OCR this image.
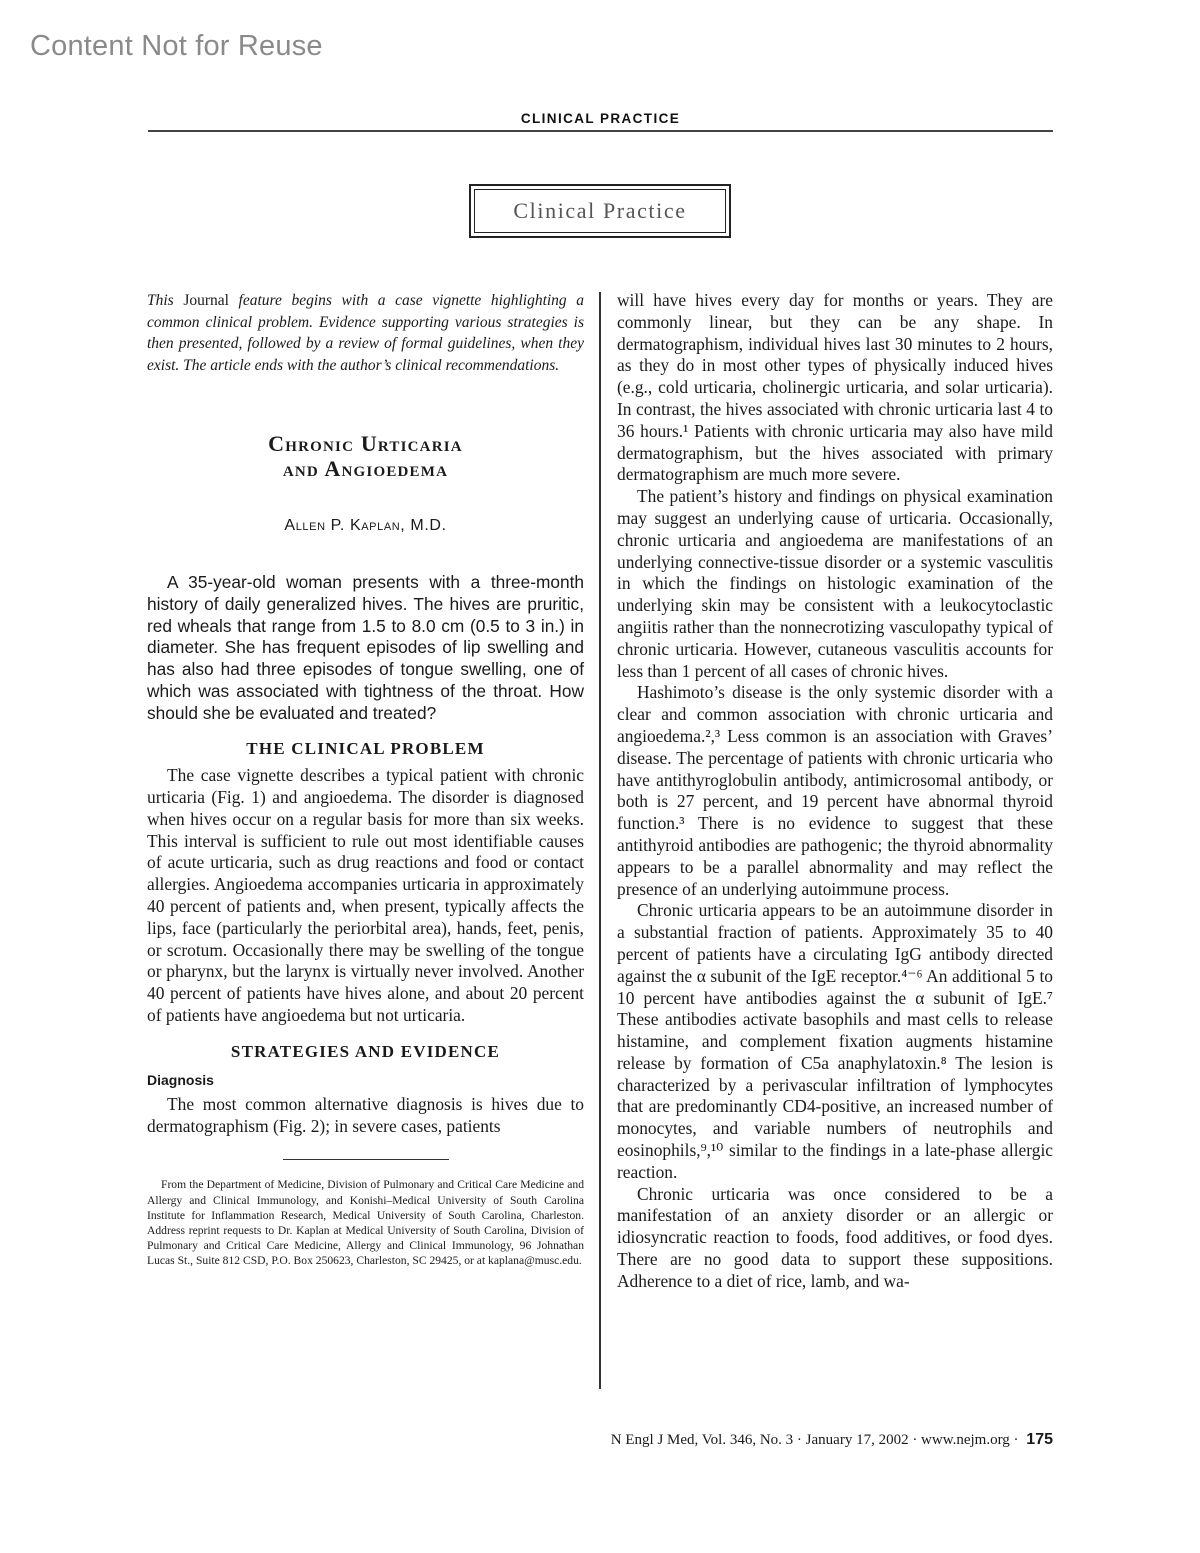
Content Not for Reuse
CLINICAL PRACTICE
Clinical Practice

This Journal feature begins with a case vignette highlighting a common clinical problem. Evidence supporting various strategies is then presented, followed by a review of formal guidelines, when they exist. The article ends with the author’s clinical recommendations.

Chronic Urticaria
and Angioedema
Allen P. Kaplan, M.D.

A 35-year-old woman presents with a three-month history of daily generalized hives. The hives are pruritic, red wheals that range from 1.5 to 8.0 cm (0.5 to 3 in.) in diameter. She has frequent episodes of lip swelling and has also had three episodes of tongue swelling, one of which was associated with tightness of the throat. How should she be evaluated and treated?

THE CLINICAL PROBLEM

The case vignette describes a typical patient with chronic urticaria (Fig. 1) and angioedema. The disorder is diagnosed when hives occur on a regular basis for more than six weeks. This interval is sufficient to rule out most identifiable causes of acute urticaria, such as drug reactions and food or contact allergies. Angioedema accompanies urticaria in approximately 40 percent of patients and, when present, typically affects the lips, face (particularly the periorbital area), hands, feet, penis, or scrotum. Occasionally there may be swelling of the tongue or pharynx, but the larynx is virtually never involved. Another 40 percent of patients have hives alone, and about 20 percent of patients have angioedema but not urticaria.

STRATEGIES AND EVIDENCE
Diagnosis

The most common alternative diagnosis is hives due to dermatographism (Fig. 2); in severe cases, patients

From the Department of Medicine, Division of Pulmonary and Critical Care Medicine and Allergy and Clinical Immunology, and Konishi–Medical University of South Carolina Institute for Inflammation Research, Medical University of South Carolina, Charleston. Address reprint requests to Dr. Kaplan at Medical University of South Carolina, Division of Pulmonary and Critical Care Medicine, Allergy and Clinical Immunology, 96 Johnathan Lucas St., Suite 812 CSD, P.O. Box 250623, Charleston, SC 29425, or at kaplana@musc.edu.

will have hives every day for months or years. They are commonly linear, but they can be any shape. In dermatographism, individual hives last 30 minutes to 2 hours, as they do in most other types of physically induced hives (e.g., cold urticaria, cholinergic urticaria, and solar urticaria). In contrast, the hives associated with chronic urticaria last 4 to 36 hours.¹ Patients with chronic urticaria may also have mild dermatographism, but the hives associated with primary dermatographism are much more severe.

The patient’s history and findings on physical examination may suggest an underlying cause of urticaria. Occasionally, chronic urticaria and angioedema are manifestations of an underlying connective-tissue disorder or a systemic vasculitis in which the findings on histologic examination of the underlying skin may be consistent with a leukocytoclastic angiitis rather than the nonnecrotizing vasculopathy typical of chronic urticaria. However, cutaneous vasculitis accounts for less than 1 percent of all cases of chronic hives.

Hashimoto’s disease is the only systemic disorder with a clear and common association with chronic urticaria and angioedema.²,³ Less common is an association with Graves’ disease. The percentage of patients with chronic urticaria who have antithyroglobulin antibody, antimicrosomal antibody, or both is 27 percent, and 19 percent have abnormal thyroid function.³ There is no evidence to suggest that these antithyroid antibodies are pathogenic; the thyroid abnormality appears to be a parallel abnormality and may reflect the presence of an underlying autoimmune process.

Chronic urticaria appears to be an autoimmune disorder in a substantial fraction of patients. Approximately 35 to 40 percent of patients have a circulating IgG antibody directed against the α subunit of the IgE receptor.⁴⁻⁶ An additional 5 to 10 percent have antibodies against the α subunit of IgE.⁷ These antibodies activate basophils and mast cells to release histamine, and complement fixation augments histamine release by formation of C5a anaphylatoxin.⁸ The lesion is characterized by a perivascular infiltration of lymphocytes that are predominantly CD4-positive, an increased number of monocytes, and variable numbers of neutrophils and eosinophils,⁹,¹⁰ similar to the findings in a late-phase allergic reaction.

Chronic urticaria was once considered to be a manifestation of an anxiety disorder or an allergic or idiosyncratic reaction to foods, food additives, or food dyes. There are no good data to support these suppositions. Adherence to a diet of rice, lamb, and wa-

N Engl J Med, Vol. 346, No. 3 · January 17, 2002 · www.nejm.org · 175
